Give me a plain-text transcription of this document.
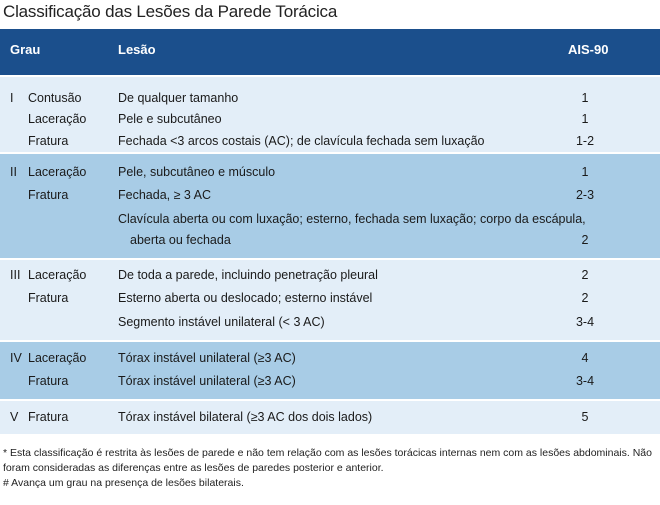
Classificação das Lesões da Parede Torácica
Grau	Lesão	AIS-90
I Contusão	De qualquer tamanho	1
Laceração	Pele e subcutâneo	1
Fratura	Fechada <3 arcos costais (AC); de clavícula fechada sem luxação	1-2
II Laceração	Pele, subcutâneo e músculo	1
Fratura	Fechada, ≥ 3 AC	2-3
Clavícula aberta ou com luxação; esterno, fechada sem luxação; corpo da escápula,
aberta ou fechada	2
III Laceração	De toda a parede, incluindo penetração pleural	2
Fratura	Esterno aberta ou deslocado; esterno instável	2
Segmento instável unilateral (< 3 AC)	3-4
IV Laceração	Tórax instável unilateral (≥3 AC)	4
Fratura	Tórax instável unilateral (≥3 AC)	3-4
V Fratura	Tórax instável bilateral (≥3 AC dos dois lados)	5

* Esta classificação é restrita às lesões de parede e não tem relação com as lesões torácicas internas nem com as lesões abdominais. Não foram consideradas as diferenças entre as lesões de paredes posterior e anterior.

# Avança um grau na presença de lesões bilaterais.
